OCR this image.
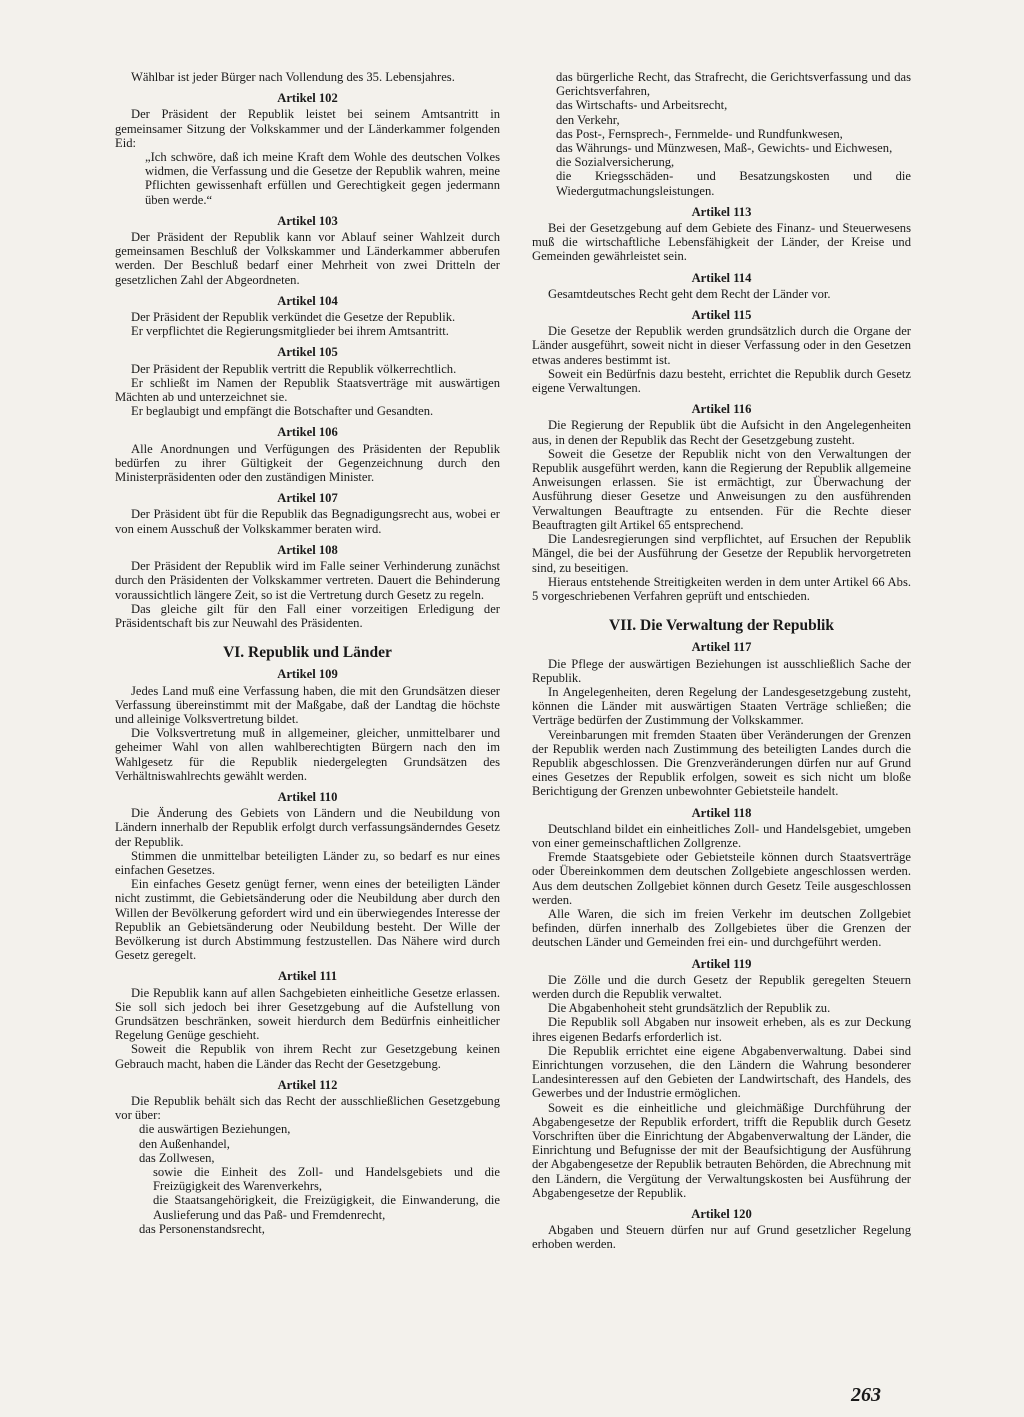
Wählbar ist jeder Bürger nach Vollendung des 35. Lebensjahres.

Artikel 102

Der Präsident der Republik leistet bei seinem Amtsantritt in gemeinsamer Sitzung der Volkskammer und der Länderkammer folgenden Eid:

„Ich schwöre, daß ich meine Kraft dem Wohle des deutschen Volkes widmen, die Verfassung und die Gesetze der Republik wahren, meine Pflichten gewissenhaft erfüllen und Gerechtigkeit gegen jedermann üben werde.“

Artikel 103

Der Präsident der Republik kann vor Ablauf seiner Wahlzeit durch gemeinsamen Beschluß der Volkskammer und Länderkammer abberufen werden. Der Beschluß bedarf einer Mehrheit von zwei Dritteln der gesetzlichen Zahl der Abgeordneten.

Artikel 104

Der Präsident der Republik verkündet die Gesetze der Republik.

Er verpflichtet die Regierungsmitglieder bei ihrem Amtsantritt.

Artikel 105

Der Präsident der Republik vertritt die Republik völkerrechtlich.

Er schließt im Namen der Republik Staatsverträge mit auswärtigen Mächten ab und unterzeichnet sie.

Er beglaubigt und empfängt die Botschafter und Gesandten.

Artikel 106

Alle Anordnungen und Verfügungen des Präsidenten der Republik bedürfen zu ihrer Gültigkeit der Gegenzeichnung durch den Ministerpräsidenten oder den zuständigen Minister.

Artikel 107

Der Präsident übt für die Republik das Begnadigungsrecht aus, wobei er von einem Ausschuß der Volkskammer beraten wird.

Artikel 108

Der Präsident der Republik wird im Falle seiner Verhinderung zunächst durch den Präsidenten der Volkskammer vertreten. Dauert die Behinderung voraussichtlich längere Zeit, so ist die Vertretung durch Gesetz zu regeln.

Das gleiche gilt für den Fall einer vorzeitigen Erledigung der Präsidentschaft bis zur Neuwahl des Präsidenten.

VI. Republik und Länder
Artikel 109

Jedes Land muß eine Verfassung haben, die mit den Grundsätzen dieser Verfassung übereinstimmt mit der Maßgabe, daß der Landtag die höchste und alleinige Volksvertretung bildet.

Die Volksvertretung muß in allgemeiner, gleicher, unmittelbarer und geheimer Wahl von allen wahlberechtigten Bürgern nach den im Wahlgesetz für die Republik niedergelegten Grundsätzen des Verhältniswahlrechts gewählt werden.

Artikel 110

Die Änderung des Gebiets von Ländern und die Neubildung von Ländern innerhalb der Republik erfolgt durch verfassungsänderndes Gesetz der Republik.

Stimmen die unmittelbar beteiligten Länder zu, so bedarf es nur eines einfachen Gesetzes.

Ein einfaches Gesetz genügt ferner, wenn eines der beteiligten Länder nicht zustimmt, die Gebietsänderung oder die Neubildung aber durch den Willen der Bevölkerung gefordert wird und ein überwiegendes Interesse der Republik an Gebietsänderung oder Neubildung besteht. Der Wille der Bevölkerung ist durch Abstimmung festzustellen. Das Nähere wird durch Gesetz geregelt.

Artikel 111

Die Republik kann auf allen Sachgebieten einheitliche Gesetze erlassen. Sie soll sich jedoch bei ihrer Gesetzgebung auf die Aufstellung von Grundsätzen beschränken, soweit hierdurch dem Bedürfnis einheitlicher Regelung Genüge geschieht.

Soweit die Republik von ihrem Recht zur Gesetzgebung keinen Gebrauch macht, haben die Länder das Recht der Gesetzgebung.

Artikel 112

Die Republik behält sich das Recht der ausschließlichen Gesetzgebung vor über:

die auswärtigen Beziehungen,

den Außenhandel,

das Zollwesen,

sowie die Einheit des Zoll- und Handelsgebiets und die Freizügigkeit des Warenverkehrs,

die Staatsangehörigkeit, die Freizügigkeit, die Einwanderung, die Auslieferung und das Paß- und Fremdenrecht,

das Personenstandsrecht,

das bürgerliche Recht, das Strafrecht, die Gerichtsverfassung und das Gerichtsverfahren,

das Wirtschafts- und Arbeitsrecht,

den Verkehr,

das Post-, Fernsprech-, Fernmelde- und Rundfunkwesen,

das Währungs- und Münzwesen, Maß-, Gewichts- und Eichwesen,

die Sozialversicherung,

die Kriegsschäden- und Besatzungskosten und die Wiedergutmachungsleistungen.

Artikel 113

Bei der Gesetzgebung auf dem Gebiete des Finanz- und Steuerwesens muß die wirtschaftliche Lebensfähigkeit der Länder, der Kreise und Gemeinden gewährleistet sein.

Artikel 114

Gesamtdeutsches Recht geht dem Recht der Länder vor.

Artikel 115

Die Gesetze der Republik werden grundsätzlich durch die Organe der Länder ausgeführt, soweit nicht in dieser Verfassung oder in den Gesetzen etwas anderes bestimmt ist.

Soweit ein Bedürfnis dazu besteht, errichtet die Republik durch Gesetz eigene Verwaltungen.

Artikel 116

Die Regierung der Republik übt die Aufsicht in den Angelegenheiten aus, in denen der Republik das Recht der Gesetzgebung zusteht.

Soweit die Gesetze der Republik nicht von den Verwaltungen der Republik ausgeführt werden, kann die Regierung der Republik allgemeine Anweisungen erlassen. Sie ist ermächtigt, zur Überwachung der Ausführung dieser Gesetze und Anweisungen zu den ausführenden Verwaltungen Beauftragte zu entsenden. Für die Rechte dieser Beauftragten gilt Artikel 65 entsprechend.

Die Landesregierungen sind verpflichtet, auf Ersuchen der Republik Mängel, die bei der Ausführung der Gesetze der Republik hervorgetreten sind, zu beseitigen.

Hieraus entstehende Streitigkeiten werden in dem unter Artikel 66 Abs. 5 vorgeschriebenen Verfahren geprüft und entschieden.

VII. Die Verwaltung der Republik
Artikel 117

Die Pflege der auswärtigen Beziehungen ist ausschließlich Sache der Republik.

In Angelegenheiten, deren Regelung der Landesgesetzgebung zusteht, können die Länder mit auswärtigen Staaten Verträge schließen; die Verträge bedürfen der Zustimmung der Volkskammer.

Vereinbarungen mit fremden Staaten über Veränderungen der Grenzen der Republik werden nach Zustimmung des beteiligten Landes durch die Republik abgeschlossen. Die Grenzveränderungen dürfen nur auf Grund eines Gesetzes der Republik erfolgen, soweit es sich nicht um bloße Berichtigung der Grenzen unbewohnter Gebietsteile handelt.

Artikel 118

Deutschland bildet ein einheitliches Zoll- und Handelsgebiet, umgeben von einer gemeinschaftlichen Zollgrenze.

Fremde Staatsgebiete oder Gebietsteile können durch Staatsverträge oder Übereinkommen dem deutschen Zollgebiete angeschlossen werden. Aus dem deutschen Zollgebiet können durch Gesetz Teile ausgeschlossen werden.

Alle Waren, die sich im freien Verkehr im deutschen Zollgebiet befinden, dürfen innerhalb des Zollgebietes über die Grenzen der deutschen Länder und Gemeinden frei ein- und durchgeführt werden.

Artikel 119

Die Zölle und die durch Gesetz der Republik geregelten Steuern werden durch die Republik verwaltet.

Die Abgabenhoheit steht grundsätzlich der Republik zu.

Die Republik soll Abgaben nur insoweit erheben, als es zur Deckung ihres eigenen Bedarfs erforderlich ist.

Die Republik errichtet eine eigene Abgabenverwaltung. Dabei sind Einrichtungen vorzusehen, die den Ländern die Wahrung besonderer Landesinteressen auf den Gebieten der Landwirtschaft, des Handels, des Gewerbes und der Industrie ermöglichen.

Soweit es die einheitliche und gleichmäßige Durchführung der Abgabengesetze der Republik erfordert, trifft die Republik durch Gesetz Vorschriften über die Einrichtung der Abgabenverwaltung der Länder, die Einrichtung und Befugnisse der mit der Beaufsichtigung der Ausführung der Abgabengesetze der Republik betrauten Behörden, die Abrechnung mit den Ländern, die Vergütung der Verwaltungskosten bei Ausführung der Abgabengesetze der Republik.

Artikel 120

Abgaben und Steuern dürfen nur auf Grund gesetzlicher Regelung erhoben werden.

263
